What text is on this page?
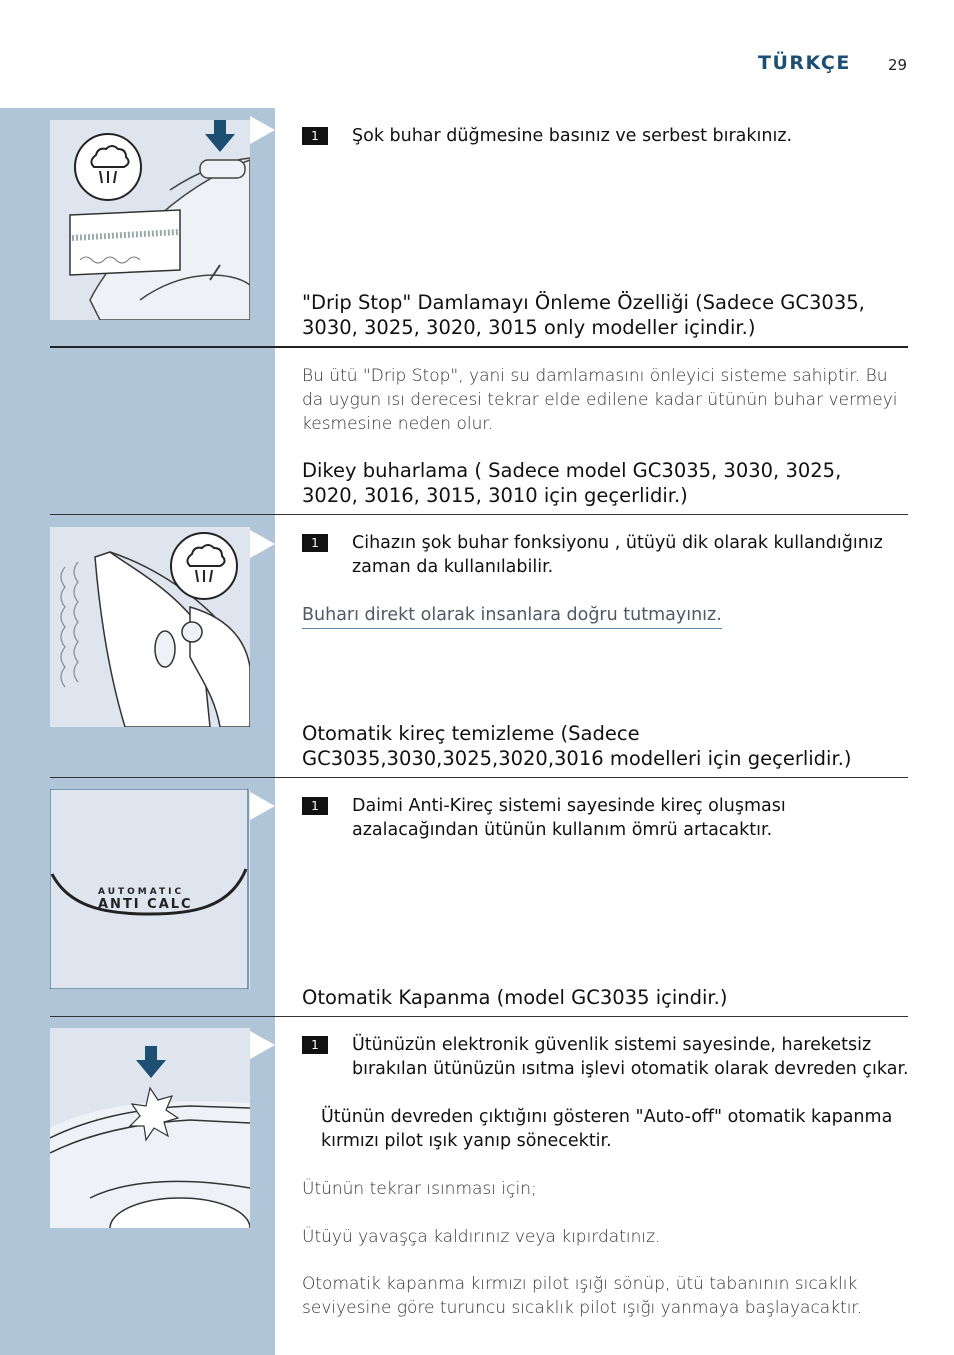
TÜRKÇE 29
1	Şok buhar düğmesine basınız ve serbest bırakınız.
"Drip Stop" Damlamayı Önleme Özelliği (Sadece GC3035, 3030, 3025, 3020, 3015 only modeller içindir.)
Bu ütü "Drip Stop", yani su damlamasını önleyici sisteme sahiptir. Bu da uygun ısı derecesi tekrar elde edilene kadar ütünün buhar vermeyi kesmesine neden olur.
Dikey buharlama ( Sadece model GC3035, 3030, 3025, 3020, 3016, 3015, 3010 için geçerlidir.)
1	Cihazın şok buhar fonksiyonu , ütüyü dik olarak kullandığınız zaman da kullanılabilir.
Buharı direkt olarak insanlara doğru tutmayınız.
Otomatik kireç temizleme (Sadece GC3035,3030,3025,3020,3016 modelleri için geçerlidir.)
AUTOMATIC
ANTI CALC
1	Daimi Anti-Kireç sistemi sayesinde kireç oluşması azalacağından ütünün kullanım ömrü artacaktır.
Otomatik Kapanma (model GC3035 içindir.)
1	Ütünüzün elektronik güvenlik sistemi sayesinde, hareketsiz bırakılan ütünüzün ısıtma işlevi otomatik olarak devreden çıkar.
Ütünün devreden çıktığını gösteren "Auto-off" otomatik kapanma kırmızı pilot ışık yanıp sönecektir.
Ütünün tekrar ısınması için;
Ütüyü yavaşça kaldırınız veya kıpırdatınız.
Otomatik kapanma kırmızı pilot ışığı sönüp, ütü tabanının sıcaklık seviyesine göre turuncu sıcaklık pilot ışığı yanmaya başlayacaktır.
